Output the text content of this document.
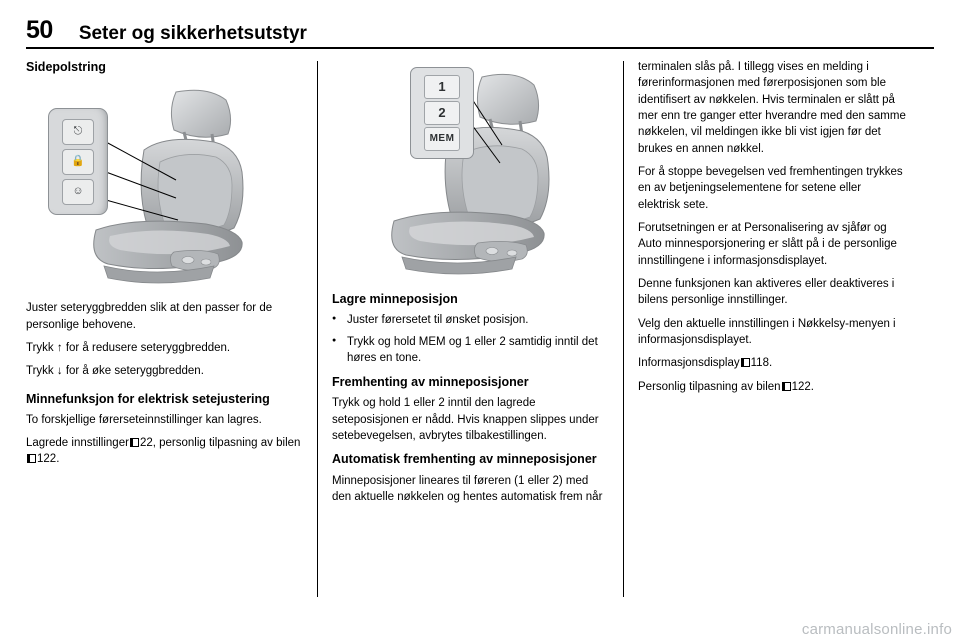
50 Seter og sikkerhetsutstyr
Sidepolstring
⎋
🔒
☺

Juster seteryggbredden slik at den passer for de personlige behovene.

Trykk ↑ for å redusere seteryggbredden.

Trykk ↓ for å øke seteryggbredden.

Minnefunksjon for elektrisk setejustering

To forskjellige førerseteinnstillinger kan lagres.

Lagrede innstillinger 22, personlig tilpasning av bilen122.

1
2
MEM
Lagre minneposisjon
● Juster førersetet til ønsket posisjon.
● Trykk og hold MEM og 1 eller 2 samtidig inntil det høres en tone.
Fremhenting av minneposisjoner

Trykk og hold 1 eller 2 inntil den lagrede seteposisjonen er nådd. Hvis knappen slippes under setebevegelsen, avbrytes tilbakestillingen.

Automatisk fremhenting av minneposisjoner

Minneposisjoner lineares til føreren (1 eller 2) med den aktuelle nøkkelen og hentes automatisk frem når

terminalen slås på. I tillegg vises en melding i førerinformasjonen med førerposisjonen som ble identifisert av nøkkelen. Hvis terminalen er slått på mer enn tre ganger etter hverandre med den samme nøkkelen, vil meldingen ikke bli vist igjen før det brukes en annen nøkkel.

For å stoppe bevegelsen ved fremhentingen trykkes en av betjeningselementene for setene eller elektrisk sete.

Forutsetningen er at Personalisering av sjåfør og Auto minnesporsjonering er slått på i de personlige innstillingene i informasjonsdisplayet.

Denne funksjonen kan aktiveres eller deaktiveres i bilens personlige innstillinger.

Velg den aktuelle innstillingen i Nøkkelsy-menyen i informasjonsdisplayet.

Informasjonsdisplay 118.

Personlig tilpasning av bilen 122.

carmanualsonline.info
